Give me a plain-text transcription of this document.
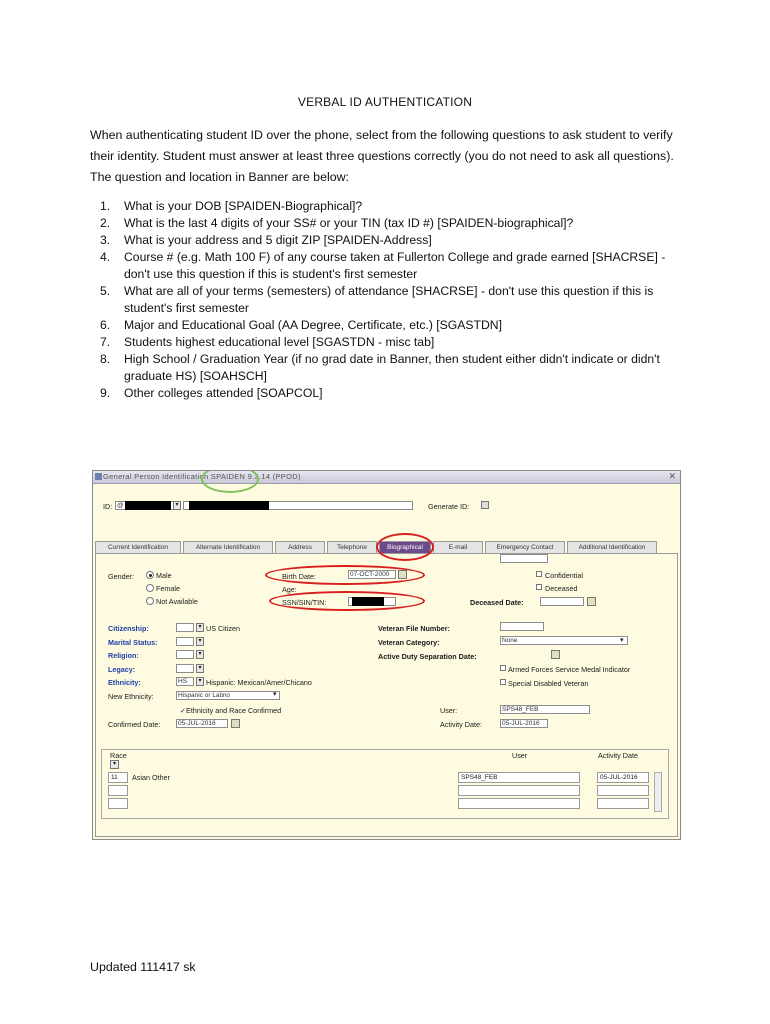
VERBAL ID AUTHENTICATION
When authenticating student ID over the phone, select from the following questions to ask student to verify their identity. Student must answer at least three questions correctly (you do not need to ask all questions). The question and location in Banner are below:
1.	What is your DOB [SPAIDEN-Biographical]?
2.	What is the last 4 digits of your SS# or your TIN (tax ID #) [SPAIDEN-biographical]?
3.	What is your address and 5 digit ZIP [SPAIDEN-Address]
4.	Course # (e.g. Math 100 F) of any course taken at Fullerton College and grade earned [SHACRSE] - don't use this question if this is student's first semester
5.	What are all of your terms (semesters) of attendance [SHACRSE] - don't use this question if this is student's first semester
6.	Major and Educational Goal (AA Degree, Certificate, etc.) [SGASTDN]
7.	Students highest educational level [SGASTDN - misc tab]
8.	High School / Graduation Year (if no grad date in Banner, then student either didn't indicate or didn't graduate HS) [SOAHSCH]
9.	Other colleges attended [SOAPCOL]
General Person Identification SPAIDEN 9.3.14 (PPOD)	✕
ID: @	▾	Generate ID:
Current Identification	Alternate Identification	Address	Telephone	Biographical	E-mail	Emergency Contact	Additional Identification
Gender:	Male
Female
Not Available
Birth Date:	07-OCT-2000
Age:
SSN/SIN/TIN:
Confidential
Deceased
Deceased Date:
Citizenship:	▾ US Citizen
Marital Status:	▾
Religion:	▾
Legacy:	▾
Ethnicity:	HS	▾ Hispanic: Mexican/Amer/Chicano
New Ethnicity:	Hispanic or Latino	▾
✓Ethnicity and Race Confirmed
Confirmed Date:	05-JUL-2016
Veteran File Number:
Veteran Category:	None	▾
Active Duty Separation Date:
Armed Forces Service Medal Indicator
Special Disabled Veteran
User:	SPS48_FEB
Activity Date:	05-JUL-2016
Race
▾
User	Activity Date
11	Asian Other	SPS48_FEB	05-JUL-2016
Updated 111417 sk
